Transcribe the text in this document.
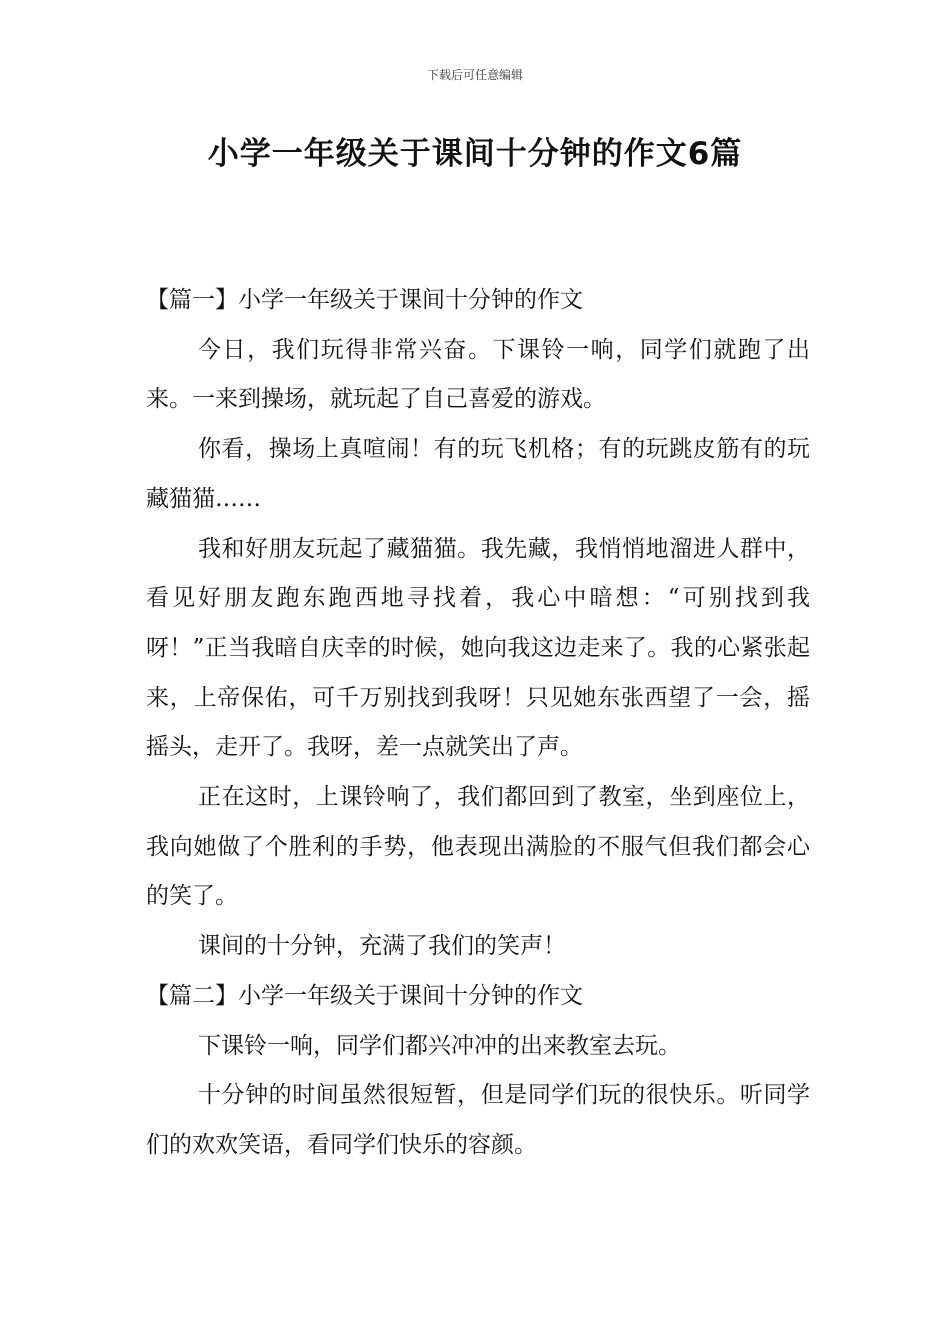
下载后可任意编辑
小学一年级关于课间十分钟的作文6篇

【篇一】小学一年级关于课间十分钟的作文

今日，我们玩得非常兴奋。下课铃一响，同学们就跑了出来。一来到操场，就玩起了自己喜爱的游戏。

你看，操场上真喧闹！有的玩飞机格；有的玩跳皮筋有的玩藏猫猫……

我和好朋友玩起了藏猫猫。我先藏，我悄悄地溜进人群中，看见好朋友跑东跑西地寻找着，我心中暗想：“可别找到我呀！”正当我暗自庆幸的时候，她向我这边走来了。我的心紧张起来，上帝保佑，可千万别找到我呀！只见她东张西望了一会，摇摇头，走开了。我呀，差一点就笑出了声。

正在这时，上课铃响了，我们都回到了教室，坐到座位上，我向她做了个胜利的手势，他表现出满脸的不服气但我们都会心的笑了。

课间的十分钟，充满了我们的笑声！

【篇二】小学一年级关于课间十分钟的作文

下课铃一响，同学们都兴冲冲的出来教室去玩。

十分钟的时间虽然很短暂，但是同学们玩的很快乐。听同学们的欢欢笑语，看同学们快乐的容颜。
